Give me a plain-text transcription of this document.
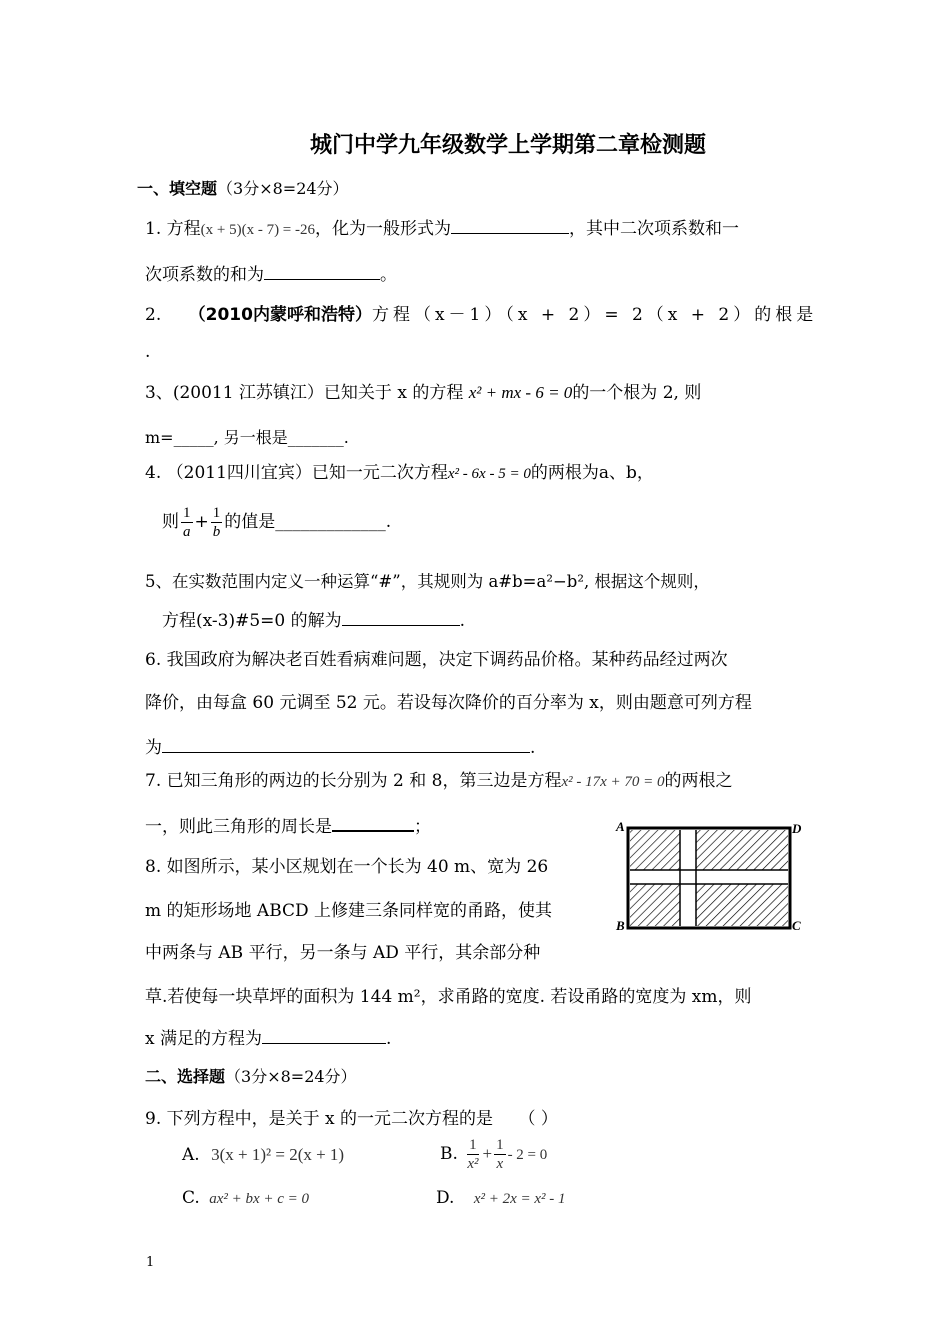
城门中学九年级数学上学期第二章检测题
一、填空题（3分×8=24分）
1. 方程(x + 5)(x - 7) = -26，化为一般形式为	，其中二次项系数和一
次项系数的和为	。
2. （2010内蒙呼和浩特）方程（x－1）（x + 2）= 2（x + 2）的根是
.
3、(20011 江苏镇江）已知关于 x 的方程 x² + mx - 6 = 0的一个根为 2, 则
m=_____, 另一根是_______.
4. （2011四川宜宾）已知一元二次方程x² - 6x - 5 = 0的两根为a、b，
则 $\frac{1}{a} + \frac{1}{b}$ 的值是_____________.
5、在实数范围内定义一种运算“#”，其规则为 a#b=a²−b², 根据这个规则，
方程(x-3)#5=0 的解为	.
6. 我国政府为解决老百姓看病难问题，决定下调药品价格。某种药品经过两次
降价，由每盒 60 元调至 52 元。若设每次降价的百分率为 x，则由题意可列方程
为	.
7. 已知三角形的两边的长分别为 2 和 8，第三边是方程x² - 17x + 70 = 0的两根之
一，则此三角形的周长是	；
8. 如图所示，某小区规划在一个长为 40 m、宽为 26
m 的矩形场地 ABCD 上修建三条同样宽的甬路，使其
中两条与 AB 平行，另一条与 AD 平行，其余部分种
草.若使每一块草坪的面积为 144 m²，求甬路的宽度. 若设甬路的宽度为 xm，则
x 满足的方程为	.
A	D
B	C
二、选择题（3分×8=24分）
9. 下列方程中，是关于 x 的一元二次方程的是 （ ）
A. 3(x + 1)² = 2(x + 1)	B. $\frac{1}{\text{x²}} + \frac{1}{x} - 2 = 0$
C. ax² + bx + c = 0	D. x² + 2x = x² - 1
1
